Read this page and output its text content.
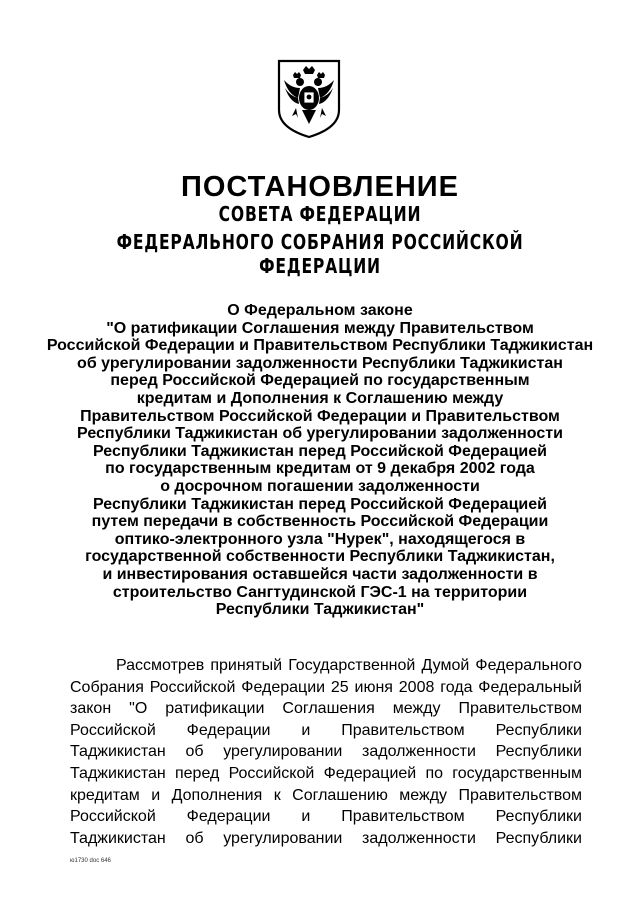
ПОСТАНОВЛЕНИЕ
СОВЕТА ФЕДЕРАЦИИ
ФЕДЕРАЛЬНОГО СОБРАНИЯ РОССИЙСКОЙ ФЕДЕРАЦИИ
О Федеральном законе
"О ратификации Соглашения между Правительством
Российской Федерации и Правительством Республики Таджикистан
об урегулировании задолженности Республики Таджикистан
перед Российской Федерацией по государственным
кредитам и Дополнения к Соглашению между
Правительством Российской Федерации и Правительством
Республики Таджикистан об урегулировании задолженности
Республики Таджикистан перед Российской Федерацией
по государственным кредитам от 9 декабря 2002 года
о досрочном погашении задолженности
Республики Таджикистан перед Российской Федерацией
путем передачи в собственность Российской Федерации
оптико-электронного узла "Нурек", находящегося в
государственной собственности Республики Таджикистан,
и инвестирования оставшейся части задолженности в
строительство Сангтудинской ГЭС-1 на территории
Республики Таджикистан"
Рассмотрев принятый Государственной Думой Федерального
Собрания Российской Федерации 25 июня 2008 года Федеральный
закон "О ратификации Соглашения между Правительством
Российской Федерации и Правительством Республики
Таджикистан об урегулировании задолженности Республики
Таджикистан перед Российской Федерацией по государственным
кредитам и Дополнения к Соглашению между Правительством
Российской Федерации и Правительством Республики
Таджикистан об урегулировании задолженности Республики
ю1730 doc 646
